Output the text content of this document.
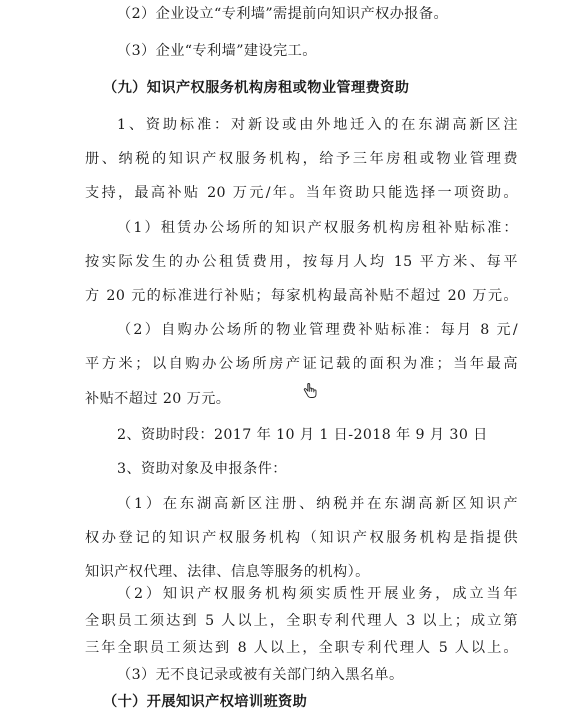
（2）企业设立“专利墙”需提前向知识产权办报备。
（3）企业“专利墙”建设完工。
（九）知识产权服务机构房租或物业管理费资助
1、资助标准：对新设或由外地迁入的在东湖高新区注
册、纳税的知识产权服务机构，给予三年房租或物业管理费
支持，最高补贴 20 万元/年。当年资助只能选择一项资助。
（1）租赁办公场所的知识产权服务机构房租补贴标准：
按实际发生的办公租赁费用，按每月人均 15 平方米、每平
方 20 元的标准进行补贴；每家机构最高补贴不超过 20 万元。
（2）自购办公场所的物业管理费补贴标准：每月 8 元/
平方米；以自购办公场所房产证记载的面积为准；当年最高
补贴不超过 20 万元。
2、资助时段：2017 年 10 月 1 日-2018 年 9 月 30 日
3、资助对象及申报条件：
（1）在东湖高新区注册、纳税并在东湖高新区知识产
权办登记的知识产权服务机构（知识产权服务机构是指提供
知识产权代理、法律、信息等服务的机构）。
（2）知识产权服务机构须实质性开展业务，成立当年
全职员工须达到 5 人以上，全职专利代理人 3 以上；成立第
三年全职员工须达到 8 人以上，全职专利代理人 5 人以上。
（3）无不良记录或被有关部门纳入黑名单。
（十）开展知识产权培训班资助
